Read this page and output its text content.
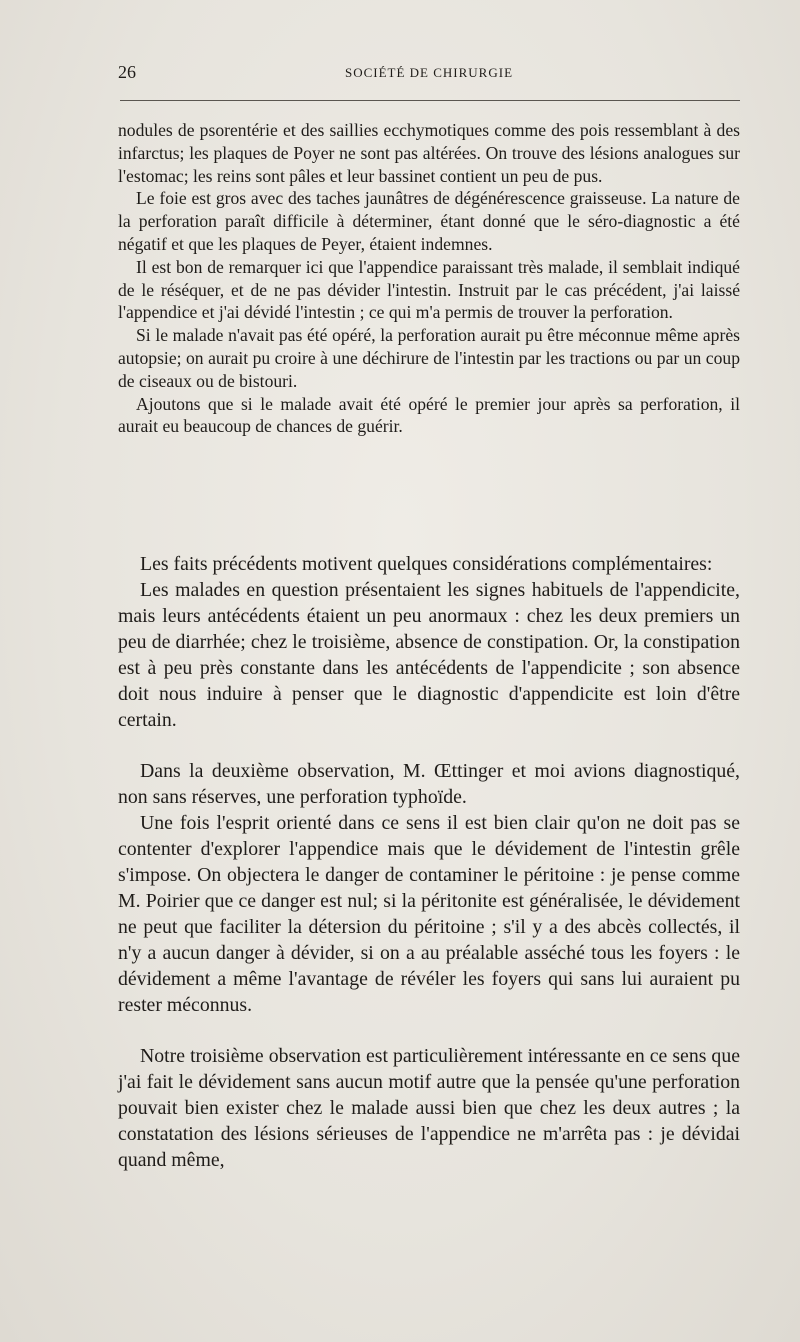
26	SOCIÉTÉ DE CHIRURGIE

nodules de psorentérie et des saillies ecchymotiques comme des pois ressemblant à des infarctus; les plaques de Poyer ne sont pas altérées. On trouve des lésions analogues sur l'estomac; les reins sont pâles et leur bassinet contient un peu de pus.

Le foie est gros avec des taches jaunâtres de dégénérescence graisseuse. La nature de la perforation paraît difficile à déterminer, étant donné que le séro-diagnostic a été négatif et que les plaques de Peyer, étaient indemnes.

Il est bon de remarquer ici que l'appendice paraissant très malade, il semblait indiqué de le réséquer, et de ne pas dévider l'intestin. Instruit par le cas précédent, j'ai laissé l'appendice et j'ai dévidé l'intestin ; ce qui m'a permis de trouver la perforation.

Si le malade n'avait pas été opéré, la perforation aurait pu être méconnue même après autopsie; on aurait pu croire à une déchirure de l'intestin par les tractions ou par un coup de ciseaux ou de bistouri.

Ajoutons que si le malade avait été opéré le premier jour après sa perforation, il aurait eu beaucoup de chances de guérir.

Les faits précédents motivent quelques considérations complémentaires:

Les malades en question présentaient les signes habituels de l'appendicite, mais leurs antécédents étaient un peu anormaux : chez les deux premiers un peu de diarrhée; chez le troisième, absence de constipation. Or, la constipation est à peu près constante dans les antécédents de l'appendicite ; son absence doit nous induire à penser que le diagnostic d'appendicite est loin d'être certain.

Dans la deuxième observation, M. Œttinger et moi avions diagnostiqué, non sans réserves, une perforation typhoïde.

Une fois l'esprit orienté dans ce sens il est bien clair qu'on ne doit pas se contenter d'explorer l'appendice mais que le dévidement de l'intestin grêle s'impose. On objectera le danger de contaminer le péritoine : je pense comme M. Poirier que ce danger est nul; si la péritonite est généralisée, le dévidement ne peut que faciliter la détersion du péritoine ; s'il y a des abcès collectés, il n'y a aucun danger à dévider, si on a au préalable asséché tous les foyers : le dévidement a même l'avantage de révéler les foyers qui sans lui auraient pu rester méconnus.

Notre troisième observation est particulièrement intéressante en ce sens que j'ai fait le dévidement sans aucun motif autre que la pensée qu'une perforation pouvait bien exister chez le malade aussi bien que chez les deux autres ; la constatation des lésions sérieuses de l'appendice ne m'arrêta pas : je dévidai quand même,
